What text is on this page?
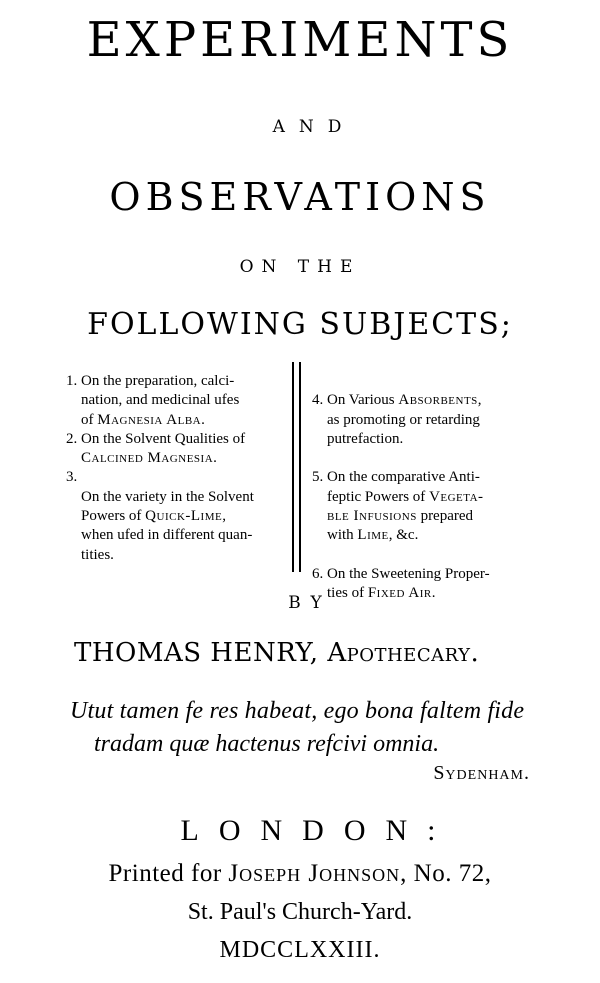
EXPERIMENTS
AND
OBSERVATIONS
ON THE
FOLLOWING SUBJECTS;
1. On the preparation, calci-
nation, and medicinal ufes
of Magnesia Alba.
2. On the Solvent Qualities of
Calcined Magnesia.

3.
On the variety in the Solvent
Powers of Quick-Lime,
when ufed in different quan-
tities.

4. On Various Absorbents,
as promoting or retarding
putrefaction.

5. On the comparative Anti-
feptic Powers of Vegeta-
ble Infusions prepared
with Lime, &c.

6. On the Sweetening Proper-
ties of Fixed Air.

BY
THOMAS HENRY, Apothecary.
Utut tamen fe res habeat, ego bona faltem fide
tradam quæ hactenus refcivi omnia.
Sydenham.
LONDON:
Printed for Joseph Johnson, No. 72,
St. Paul's Church-Yard.
MDCCLXXIII.
